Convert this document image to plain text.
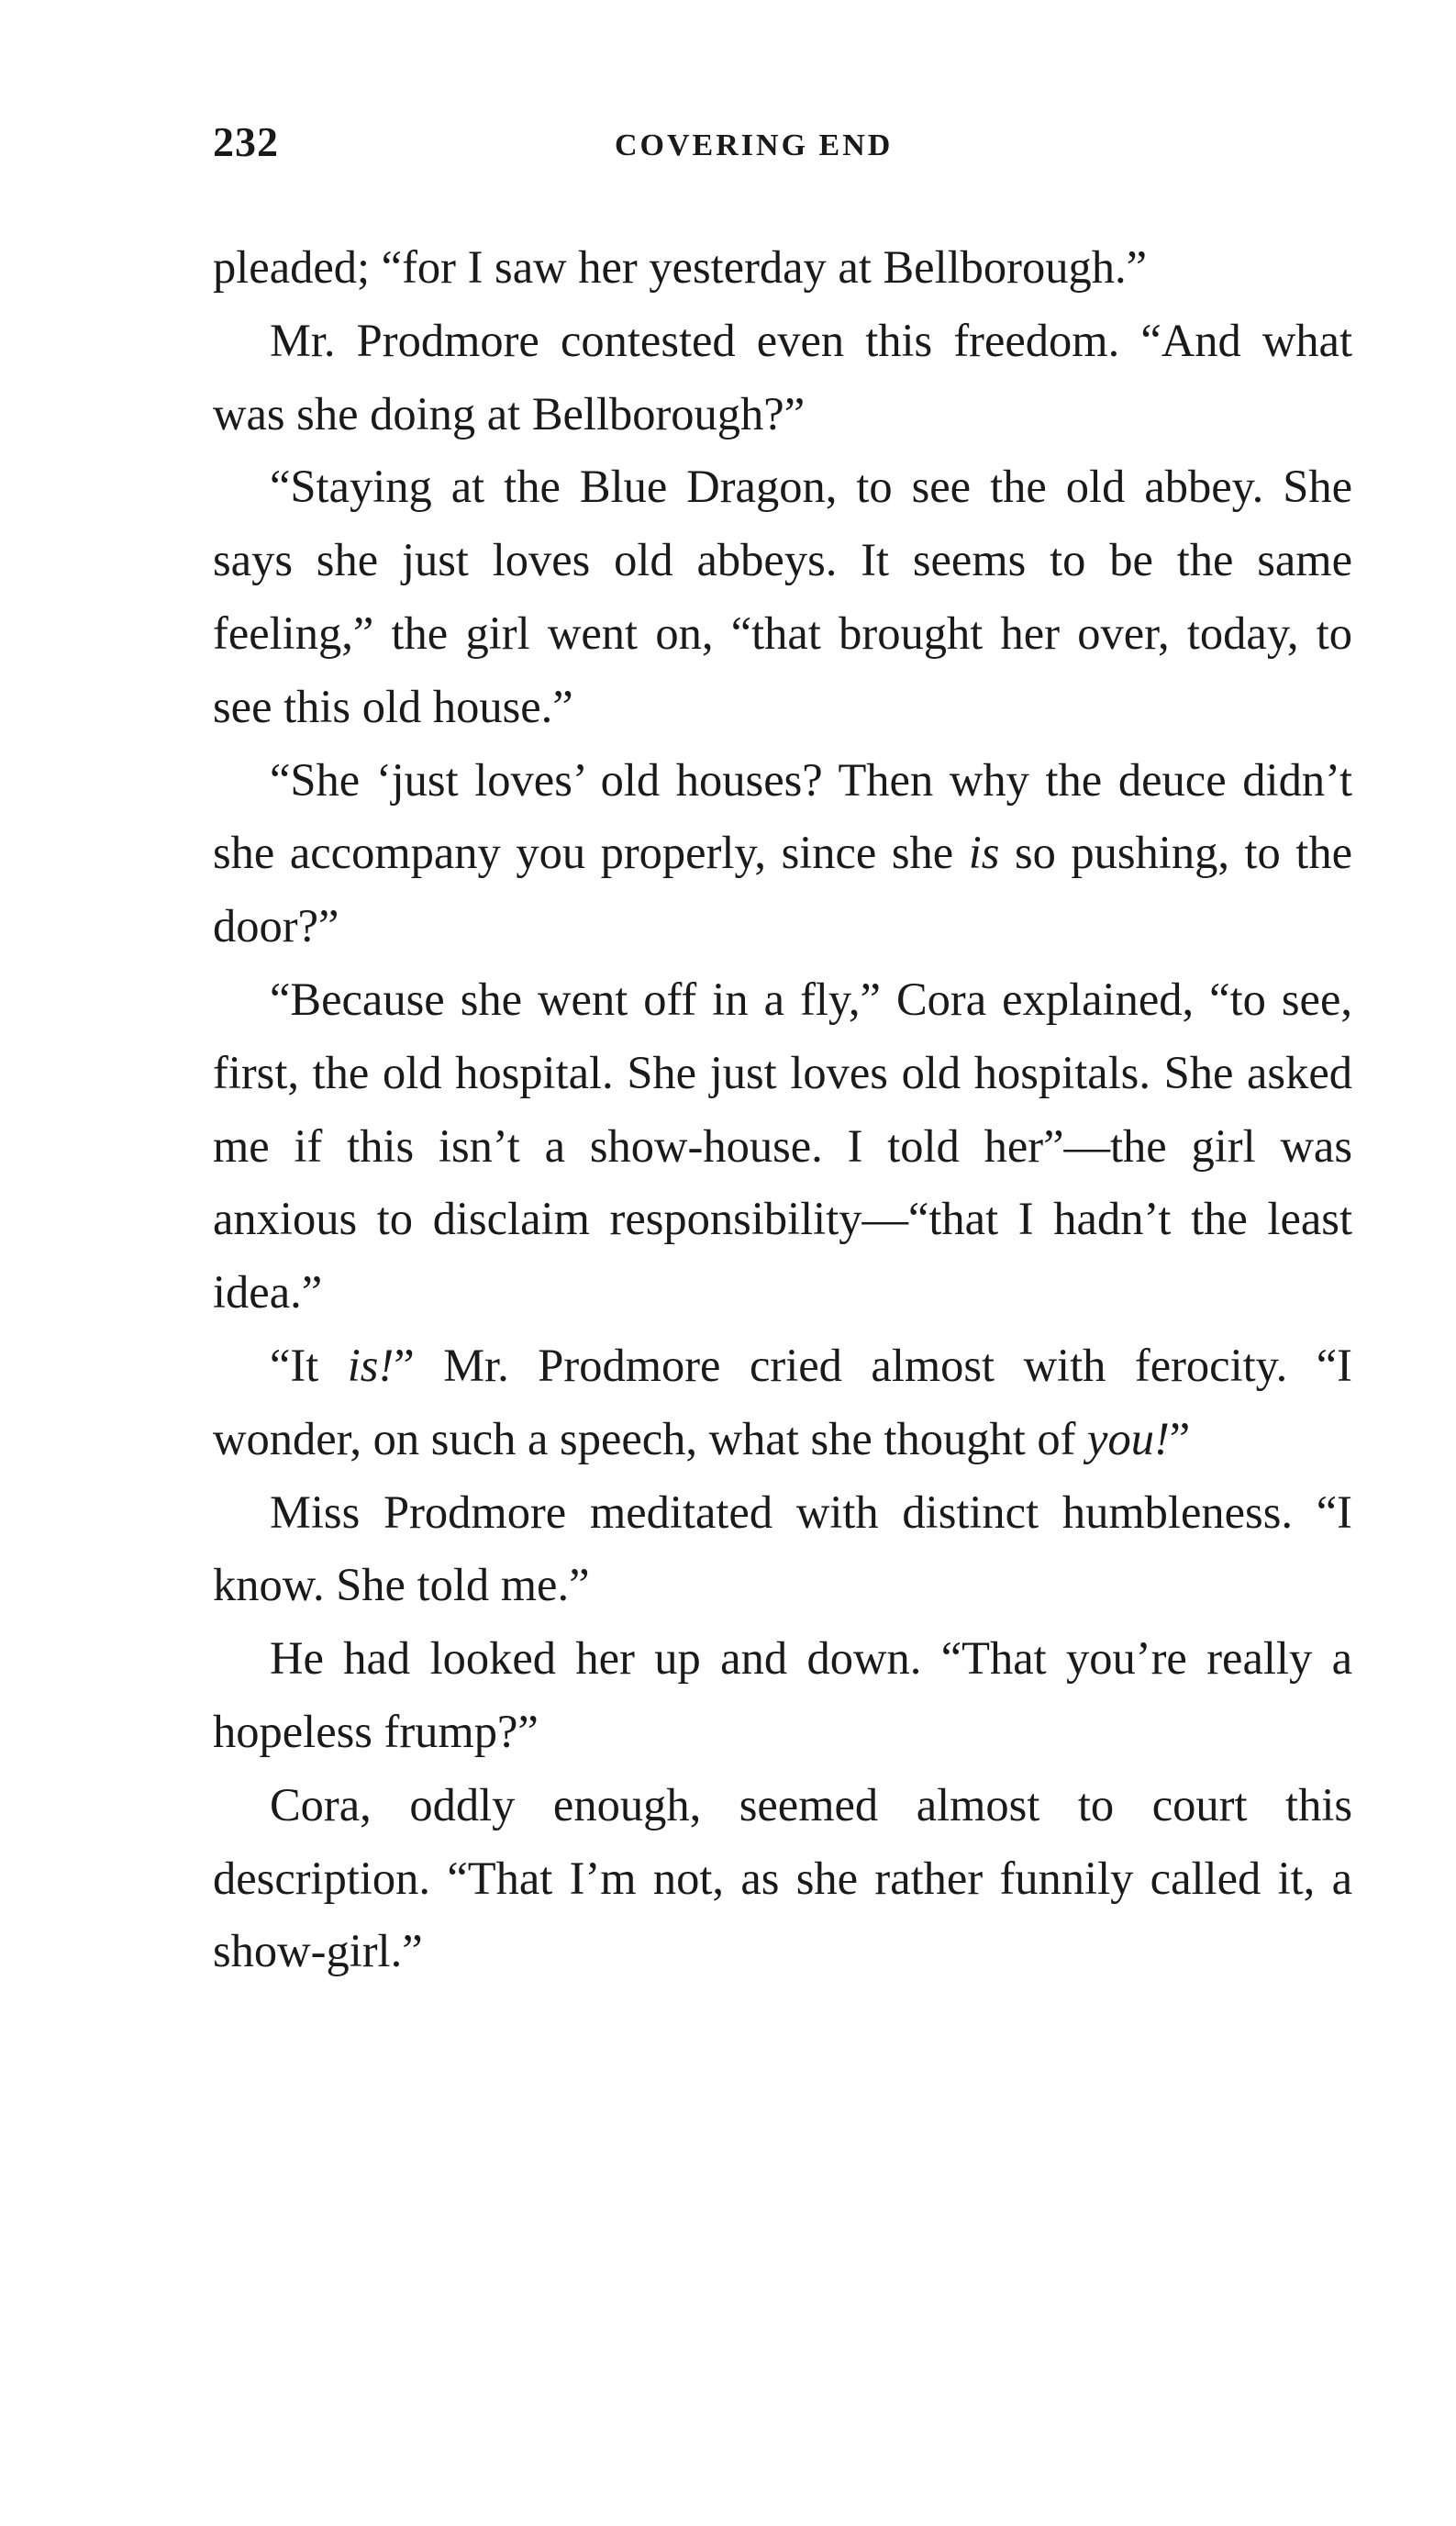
232	COVERING END

pleaded; “for I saw her yesterday at Bellborough.”

Mr. Prodmore contested even this freedom. “And what was she doing at Bellborough?”

“Staying at the Blue Dragon, to see the old abbey. She says she just loves old abbeys. It seems to be the same feeling,” the girl went on, “that brought her over, today, to see this old house.”

“She ‘just loves’ old houses? Then why the deuce didn’t she accompany you properly, since she is so pushing, to the door?”

“Because she went off in a fly,” Cora explained, “to see, first, the old hospital. She just loves old hospitals. She asked me if this isn’t a show-house. I told her”—the girl was anxious to disclaim responsibility—“that I hadn’t the least idea.”

“It is!” Mr. Prodmore cried almost with ferocity. “I wonder, on such a speech, what she thought of you!”

Miss Prodmore meditated with distinct humbleness. “I know. She told me.”

He had looked her up and down. “That you’re really a hopeless frump?”

Cora, oddly enough, seemed almost to court this description. “That I’m not, as she rather funnily called it, a show-girl.”
